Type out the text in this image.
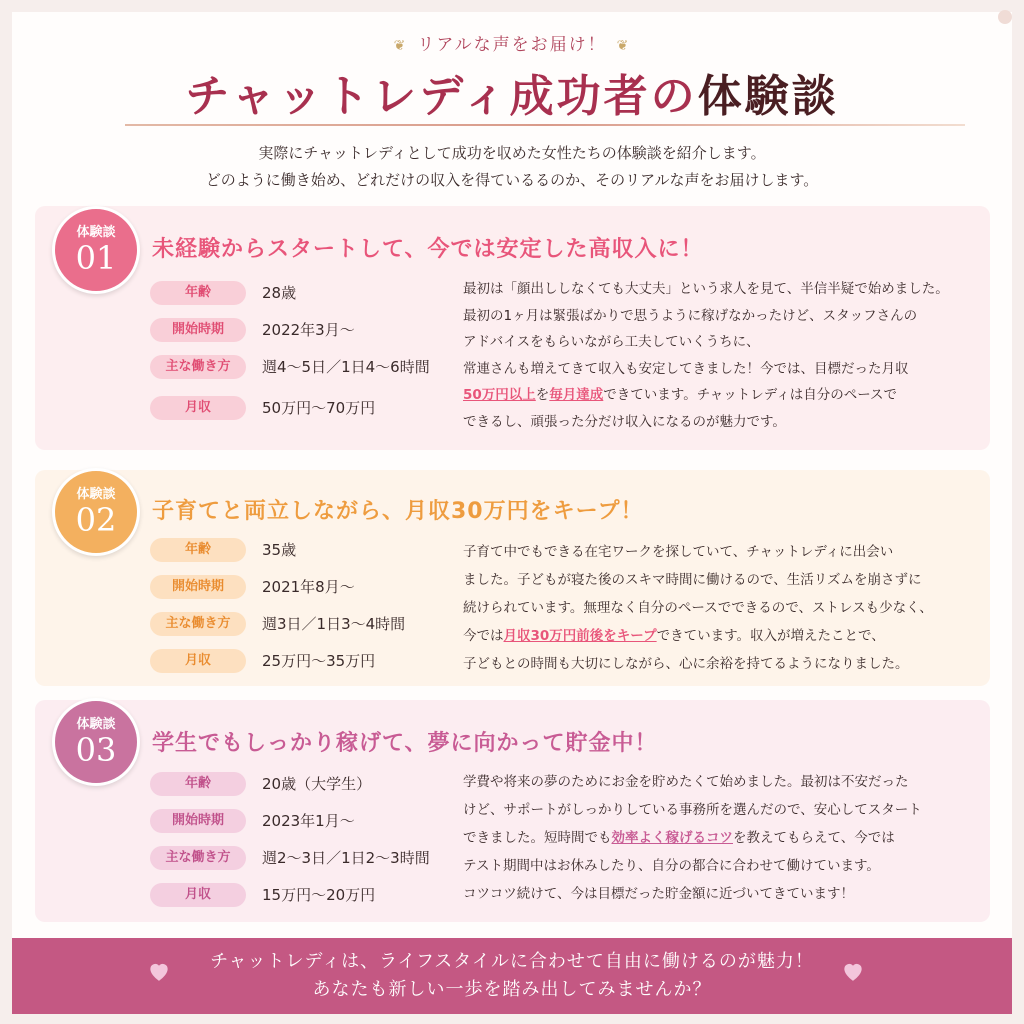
❦ リアルな声をお届け！ ❦
チャットレディ成功者の体験談
実際にチャットレディとして成功を収めた女性たちの体験談を紹介します。
どのように働き始め、どれだけの収入を得ているるのか、そのリアルな声をお届けします。
体験談
01	未経験からスタートして、今では安定した高収入に！
年齢	28歳
開始時期	2022年3月〜
主な働き方	週4〜5日／1日4〜6時間
月収	50万円〜70万円

最初は「顔出ししなくても大丈夫」という求人を見て、半信半疑で始めました。

最初の1ヶ月は緊張ばかりで思うように稼げなかったけど、スタッフさんの

アドバイスをもらいながら工夫していくうちに、

常連さんも増えてきて収入も安定してきました！今では、目標だった月収

50万円以上を毎月達成できています。チャットレディは自分のペースで

できるし、頑張った分だけ収入になるのが魅力です。

体験談
02	子育てと両立しながら、月収30万円をキープ！
年齢	35歳
開始時期	2021年8月〜
主な働き方	週3日／1日3〜4時間
月収	25万円〜35万円

子育て中でもできる在宅ワークを探していて、チャットレディに出会い

ました。子どもが寝た後のスキマ時間に働けるので、生活リズムを崩さずに

続けられています。無理なく自分のペースでできるので、ストレスも少なく、

今では月収30万円前後をキープできています。収入が増えたことで、

子どもとの時間も大切にしながら、心に余裕を持てるようになりました。

体験談
03	学生でもしっかり稼げて、夢に向かって貯金中！
年齢	20歳（大学生）
開始時期	2023年1月〜
主な働き方	週2〜3日／1日2〜3時間
月収	15万円〜20万円

学費や将来の夢のためにお金を貯めたくて始めました。最初は不安だった

けど、サポートがしっかりしている事務所を選んだので、安心してスタート

できました。短時間でも効率よく稼げるコツを教えてもらえて、今では

テスト期間中はお休みしたり、自分の都合に合わせて働けています。

コツコツ続けて、今は目標だった貯金額に近づいてきています！

チャットレディは、ライフスタイルに合わせて自由に働けるのが魅力！
あなたも新しい一歩を踏み出してみませんか？
